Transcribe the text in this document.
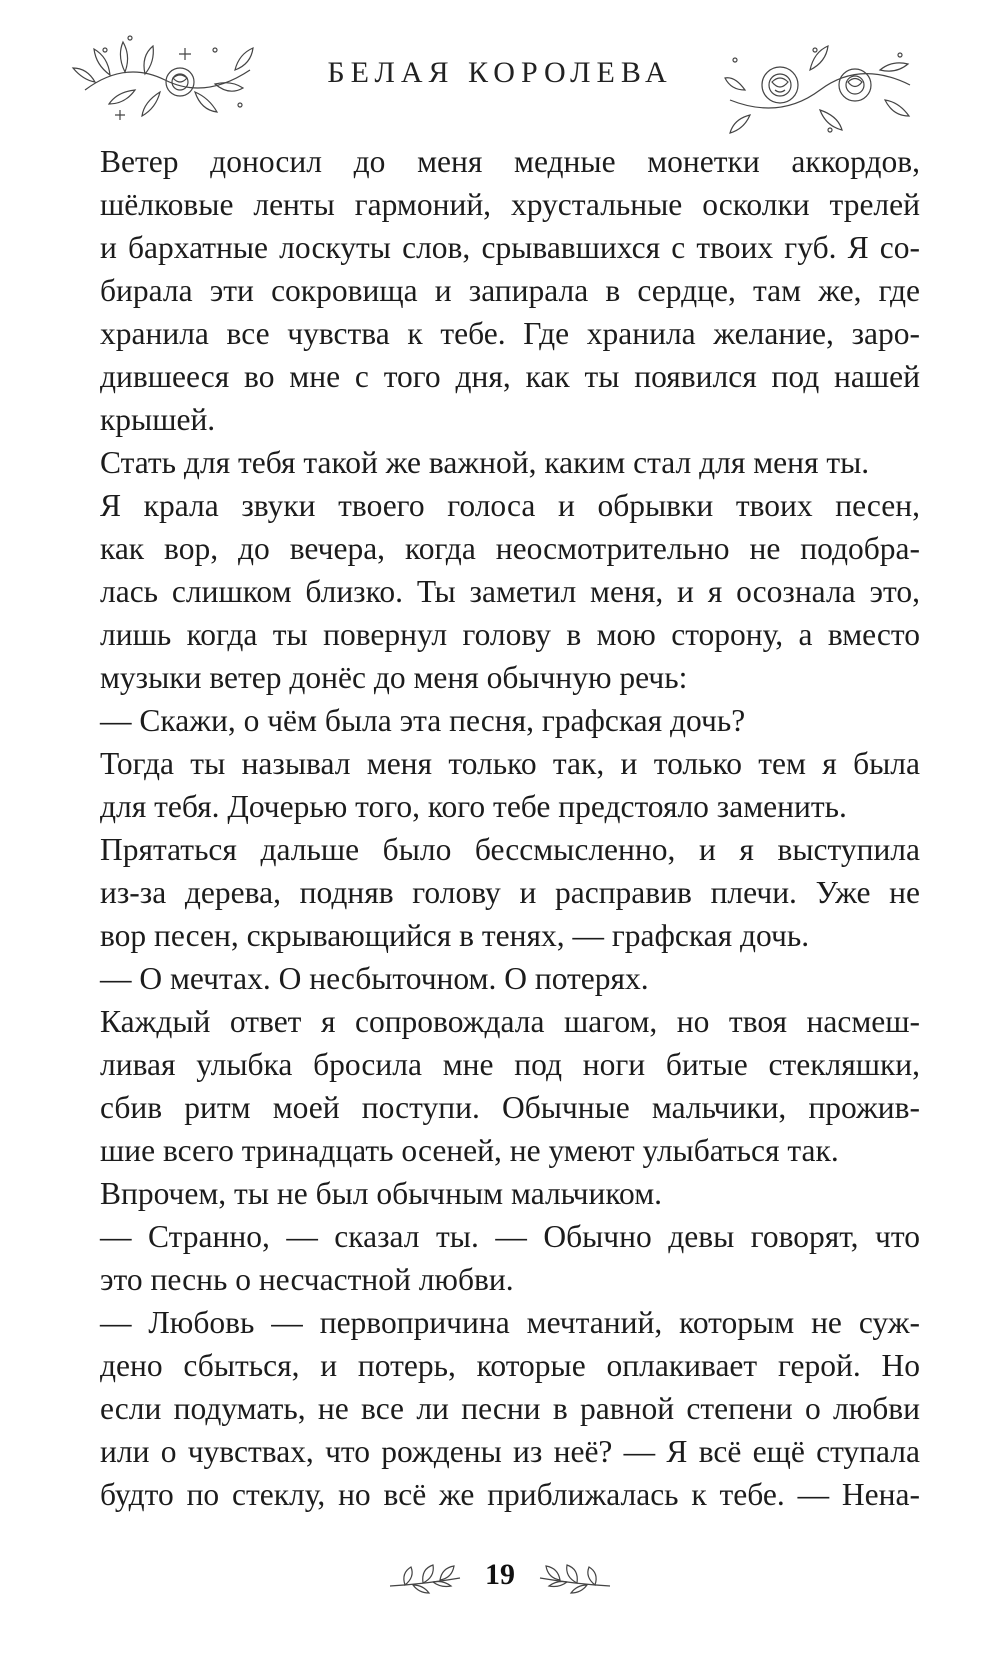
БЕЛАЯ КОРОЛЕВА
Ветер доносил до меня медные монетки аккордов,
шёлковые ленты гармоний, хрустальные осколки трелей
и бархатные лоскуты слов, срывавшихся с твоих губ. Я со-
бирала эти сокровища и запирала в сердце, там же, где
хранила все чувства к тебе. Где хранила желание, заро-
дившееся во мне с того дня, как ты появился под нашей
крышей.
Стать для тебя такой же важной, каким стал для меня ты.
Я крала звуки твоего голоса и обрывки твоих песен,
как вор, до вечера, когда неосмотрительно не подобра-
лась слишком близко. Ты заметил меня, и я осознала это,
лишь когда ты повернул голову в мою сторону, а вместо
музыки ветер донёс до меня обычную речь:
— Скажи, о чём была эта песня, графская дочь?
Тогда ты называл меня только так, и только тем я была
для тебя. Дочерью того, кого тебе предстояло заменить.
Прятаться дальше было бессмысленно, и я выступила
из-за дерева, подняв голову и расправив плечи. Уже не
вор песен, скрывающийся в тенях, — графская дочь.
— О мечтах. О несбыточном. О потерях.
Каждый ответ я сопровождала шагом, но твоя насмеш-
ливая улыбка бросила мне под ноги битые стекляшки,
сбив ритм моей поступи. Обычные мальчики, прожив-
шие всего тринадцать осеней, не умеют улыбаться так.
Впрочем, ты не был обычным мальчиком.
— Странно, — сказал ты. — Обычно девы говорят, что
это песнь о несчастной любви.
— Любовь — первопричина мечтаний, которым не суж-
дено сбыться, и потерь, которые оплакивает герой. Но
если подумать, не все ли песни в равной степени о любви
или о чувствах, что рождены из неё? — Я всё ещё ступала
будто по стеклу, но всё же приближалась к тебе. — Нена-
19
